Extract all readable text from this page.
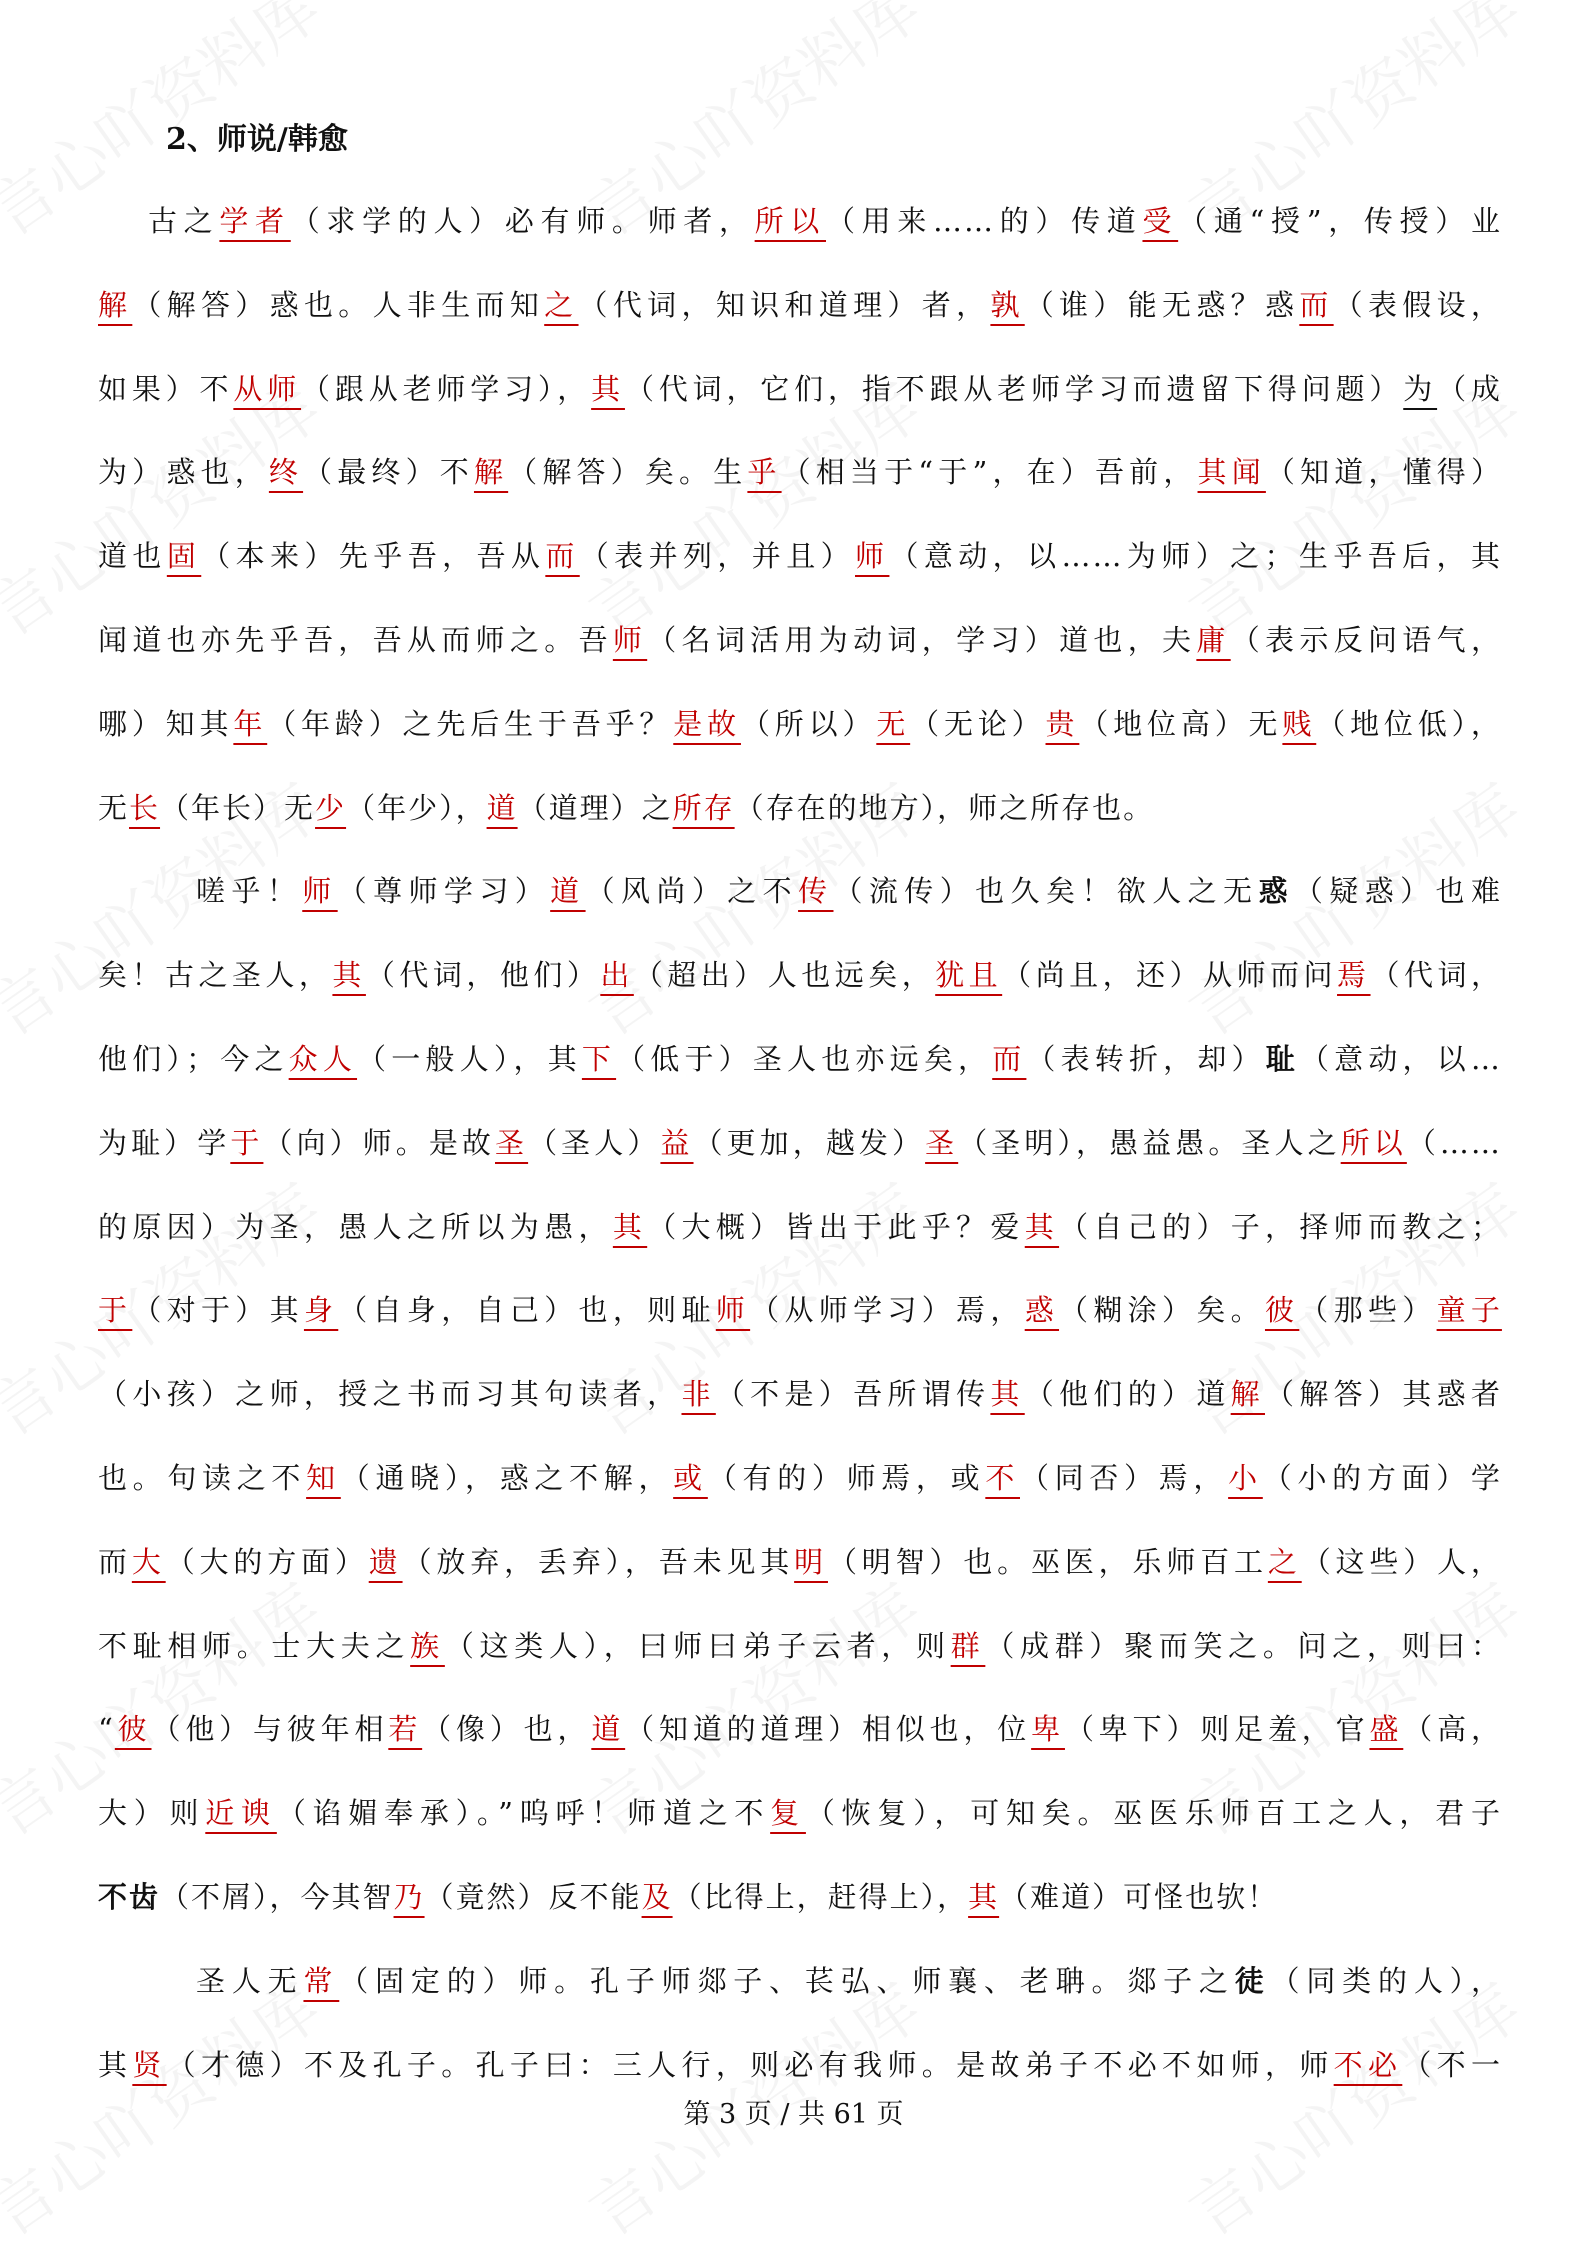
2、师说/韩愈
古之学者（求学的人）必有师。师者，所以（用来……的）传道受（通“授”，传授）业
解（解答）惑也。人非生而知之（代词，知识和道理）者，孰（谁）能无惑？惑而（表假设，
如果）不从师（跟从老师学习），其（代词，它们，指不跟从老师学习而遗留下得问题）为（成
为）惑也，终（最终）不解（解答）矣。生乎（相当于“于”，在）吾前，其闻（知道，懂得）
道也固（本来）先乎吾，吾从而（表并列，并且）师（意动，以……为师）之；生乎吾后，其
闻道也亦先乎吾，吾从而师之。吾师（名词活用为动词，学习）道也，夫庸（表示反问语气，
哪）知其年（年龄）之先后生于吾乎？是故（所以）无（无论）贵（地位高）无贱（地位低），
无长（年长）无少（年少），道（道理）之所存（存在的地方），师之所存也。
嗟乎！师（尊师学习）道（风尚）之不传（流传）也久矣！欲人之无惑（疑惑）也难
矣！古之圣人，其（代词，他们）出（超出）人也远矣，犹且（尚且，还）从师而问焉（代词，
他们）；今之众人（一般人），其下（低于）圣人也亦远矣，而（表转折，却）耻（意动，以…
为耻）学于（向）师。是故圣（圣人）益（更加，越发）圣（圣明），愚益愚。圣人之所以（……
的原因）为圣，愚人之所以为愚，其（大概）皆出于此乎？爱其（自己的）子，择师而教之；
于（对于）其身（自身，自己）也，则耻师（从师学习）焉，惑（糊涂）矣。彼（那些）童子
（小孩）之师，授之书而习其句读者，非（不是）吾所谓传其（他们的）道解（解答）其惑者
也。句读之不知（通晓），惑之不解，或（有的）师焉，或不（同否）焉，小（小的方面）学
而大（大的方面）遗（放弃，丢弃），吾未见其明（明智）也。巫医，乐师百工之（这些）人，
不耻相师。士大夫之族（这类人），曰师曰弟子云者，则群（成群）聚而笑之。问之，则曰：
“彼（他）与彼年相若（像）也，道（知道的道理）相似也，位卑（卑下）则足羞，官盛（高，
大）则近谀（谄媚奉承）。”呜呼！师道之不复（恢复），可知矣。巫医乐师百工之人，君子
不齿（不屑），今其智乃（竟然）反不能及（比得上，赶得上），其（难道）可怪也欤！
圣人无常（固定的）师。孔子师郯子、苌弘、师襄、老聃。郯子之徒（同类的人），
其贤（才德）不及孔子。孔子曰：三人行，则必有我师。是故弟子不必不如师，师不必（不一
第 3 页 / 共 61 页
